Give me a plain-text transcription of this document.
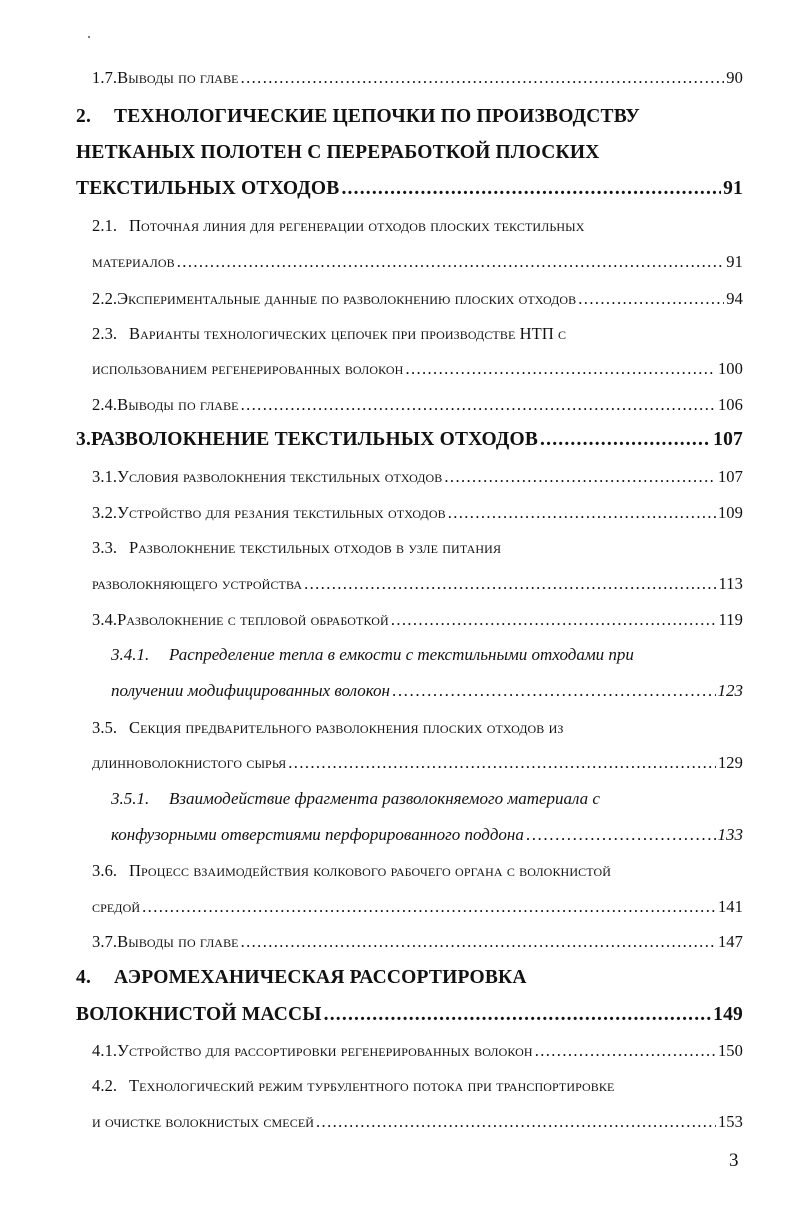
1.7. Выводы по главе .....	90
2. ТЕХНОЛОГИЧЕСКИЕ ЦЕПОЧКИ ПО ПРОИЗВОДСТВУ
НЕТКАНЫХ ПОЛОТЕН С ПЕРЕРАБОТКОЙ ПЛОСКИХ
ТЕКСТИЛЬНЫХ ОТХОДОВ .....	91
2.1. Поточная линия для регенерации отходов плоских текстильных
материалов .....	91
2.2. Экспериментальные данные по разволокнению плоских отходов .....	94
2.3. Варианты технологических цепочек при производстве НТП с
использованием регенерированных волокон .....	100
2.4. Выводы по главе .....	106
3. РАЗВОЛОКНЕНИЕ ТЕКСТИЛЬНЫХ ОТХОДОВ .....	107
3.1. Условия разволокнения текстильных отходов .....	107
3.2. Устройство для резания текстильных отходов .....	109
3.3. Разволокнение текстильных отходов в узле питания
разволокняющего устройства .....	113
3.4. Разволокнение с тепловой обработкой .....	119
3.4.1. Распределение тепла в емкости с текстильными отходами при
получении модифицированных волокон .....	123
3.5. Секция предварительного разволокнения плоских отходов из
длинноволокнистого сырья .....	129
3.5.1. Взаимодействие фрагмента разволокняемого материала с
конфузорными отверстиями перфорированного поддона .....	133
3.6. Процесс взаимодействия колкового рабочего органа с волокнистой
средой .....	141
3.7. Выводы по главе .....	147
4. АЭРОМЕХАНИЧЕСКАЯ РАССОРТИРОВКА
ВОЛОКНИСТОЙ МАССЫ .....	149
4.1. Устройство для рассортировки регенерированных волокон .....	150
4.2. Технологический режим турбулентного потока при транспортировке
и очистке волокнистых смесей .....	153
3
